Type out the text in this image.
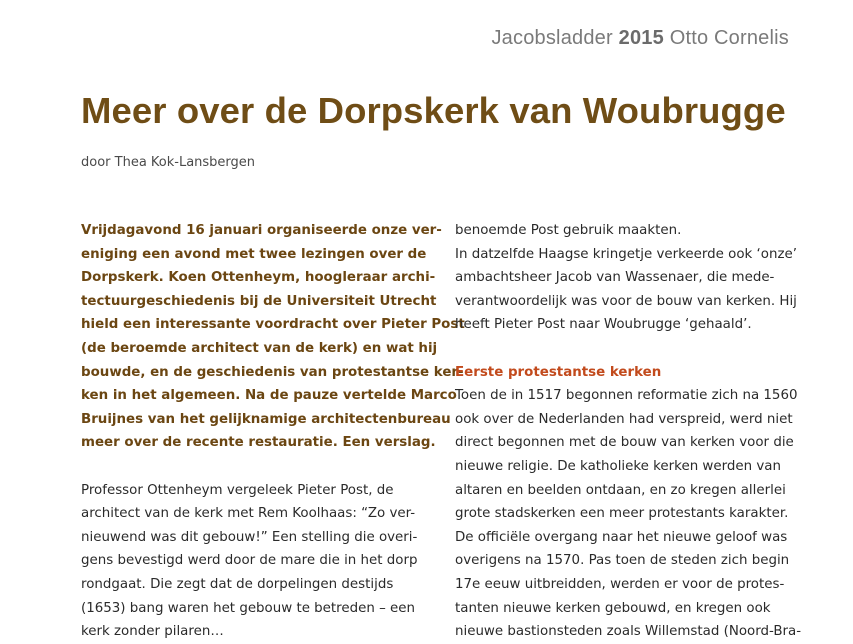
Jacobsladder 2015 Otto Cornelis
Meer over de Dorpskerk van Woubrugge
door Thea Kok-Lansbergen
Vrijdagavond 16 januari organiseerde onze ver-
eniging een avond met twee lezingen over de
Dorpskerk. Koen Ottenheym, hoogleraar archi-
tectuurgeschiedenis bij de Universiteit Utrecht
hield een interessante voordracht over Pieter Post
(de beroemde architect van de kerk) en wat hij
bouwde, en de geschiedenis van protestantse ker-
ken in het algemeen. Na de pauze vertelde Marco
Bruijnes van het gelijknamige architectenbureau
meer over de recente restauratie. Een verslag.
Professor Ottenheym vergeleek Pieter Post, de
architect van de kerk met Rem Koolhaas: “Zo ver-
nieuwend was dit gebouw!” Een stelling die overi-
gens bevestigd werd door de mare die in het dorp
rondgaat. Die zegt dat de dorpelingen destijds
(1653) bang waren het gebouw te betreden – een
kerk zonder pilaren…
benoemde Post gebruik maakten.
In datzelfde Haagse kringetje verkeerde ook ‘onze’
ambachtsheer Jacob van Wassenaer, die mede-
verantwoordelijk was voor de bouw van kerken. Hij
heeft Pieter Post naar Woubrugge ‘gehaald’.
Eerste protestantse kerken
Toen de in 1517 begonnen reformatie zich na 1560
ook over de Nederlanden had verspreid, werd niet
direct begonnen met de bouw van kerken voor die
nieuwe religie. De katholieke kerken werden van
altaren en beelden ontdaan, en zo kregen allerlei
grote stadskerken een meer protestants karakter.
De officiële overgang naar het nieuwe geloof was
overigens na 1570. Pas toen de steden zich begin
17e eeuw uitbreidden, werden er voor de protes-
tanten nieuwe kerken gebouwd, en kregen ook
nieuwe bastionsteden zoals Willemstad (Noord-Bra-
